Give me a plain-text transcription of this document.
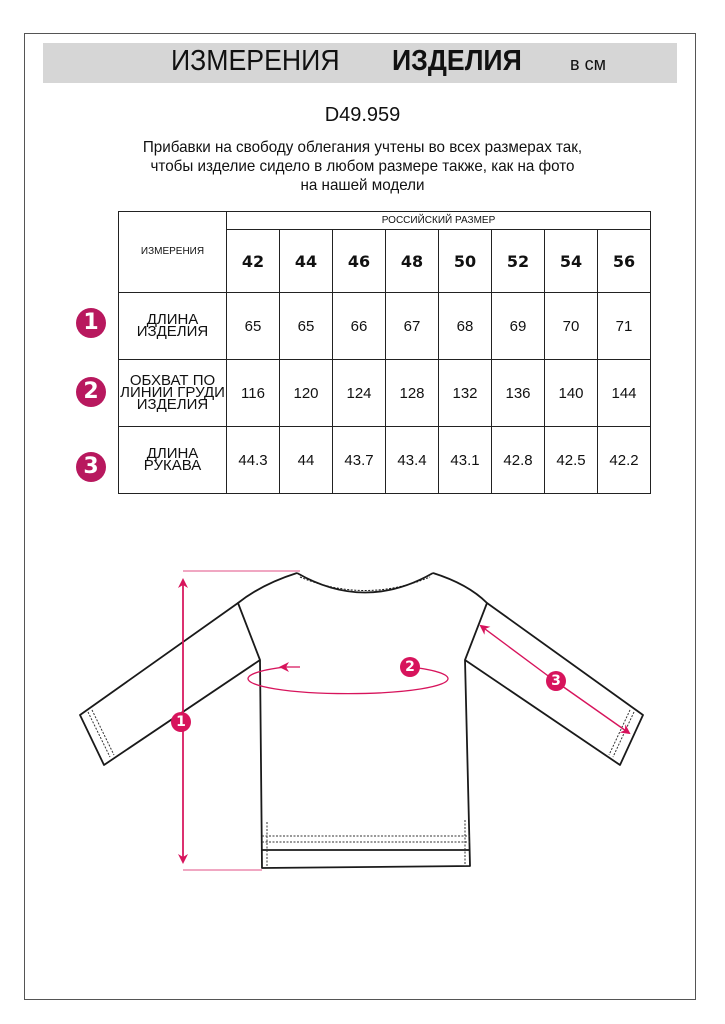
ИЗМЕРЕНИЯ ИЗДЕЛИЯ	в см
D49.959
Прибавки на свободу облегания учтены во всех размерах так,
чтобы изделие сидело в любом размере также, как на фото
на нашей модели
ИЗМЕРЕНИЯ	РОССИЙСКИЙ РАЗМЕР							
	42	44	46	48	50	52	54	56
ДЛИНА ИЗДЕЛИЯ	65	65	66	67	68	69	70	71

ОБХВАТ ПО
ЛИНИИ ГРУДИ
ИЗДЕЛИЯ	116	120	124	128	132	136	140	144
ДЛИНА РУКАВА	44.3	44	43.7	43.4	43.1	42.8	42.5	42.2
1
2
3
1
2
3
